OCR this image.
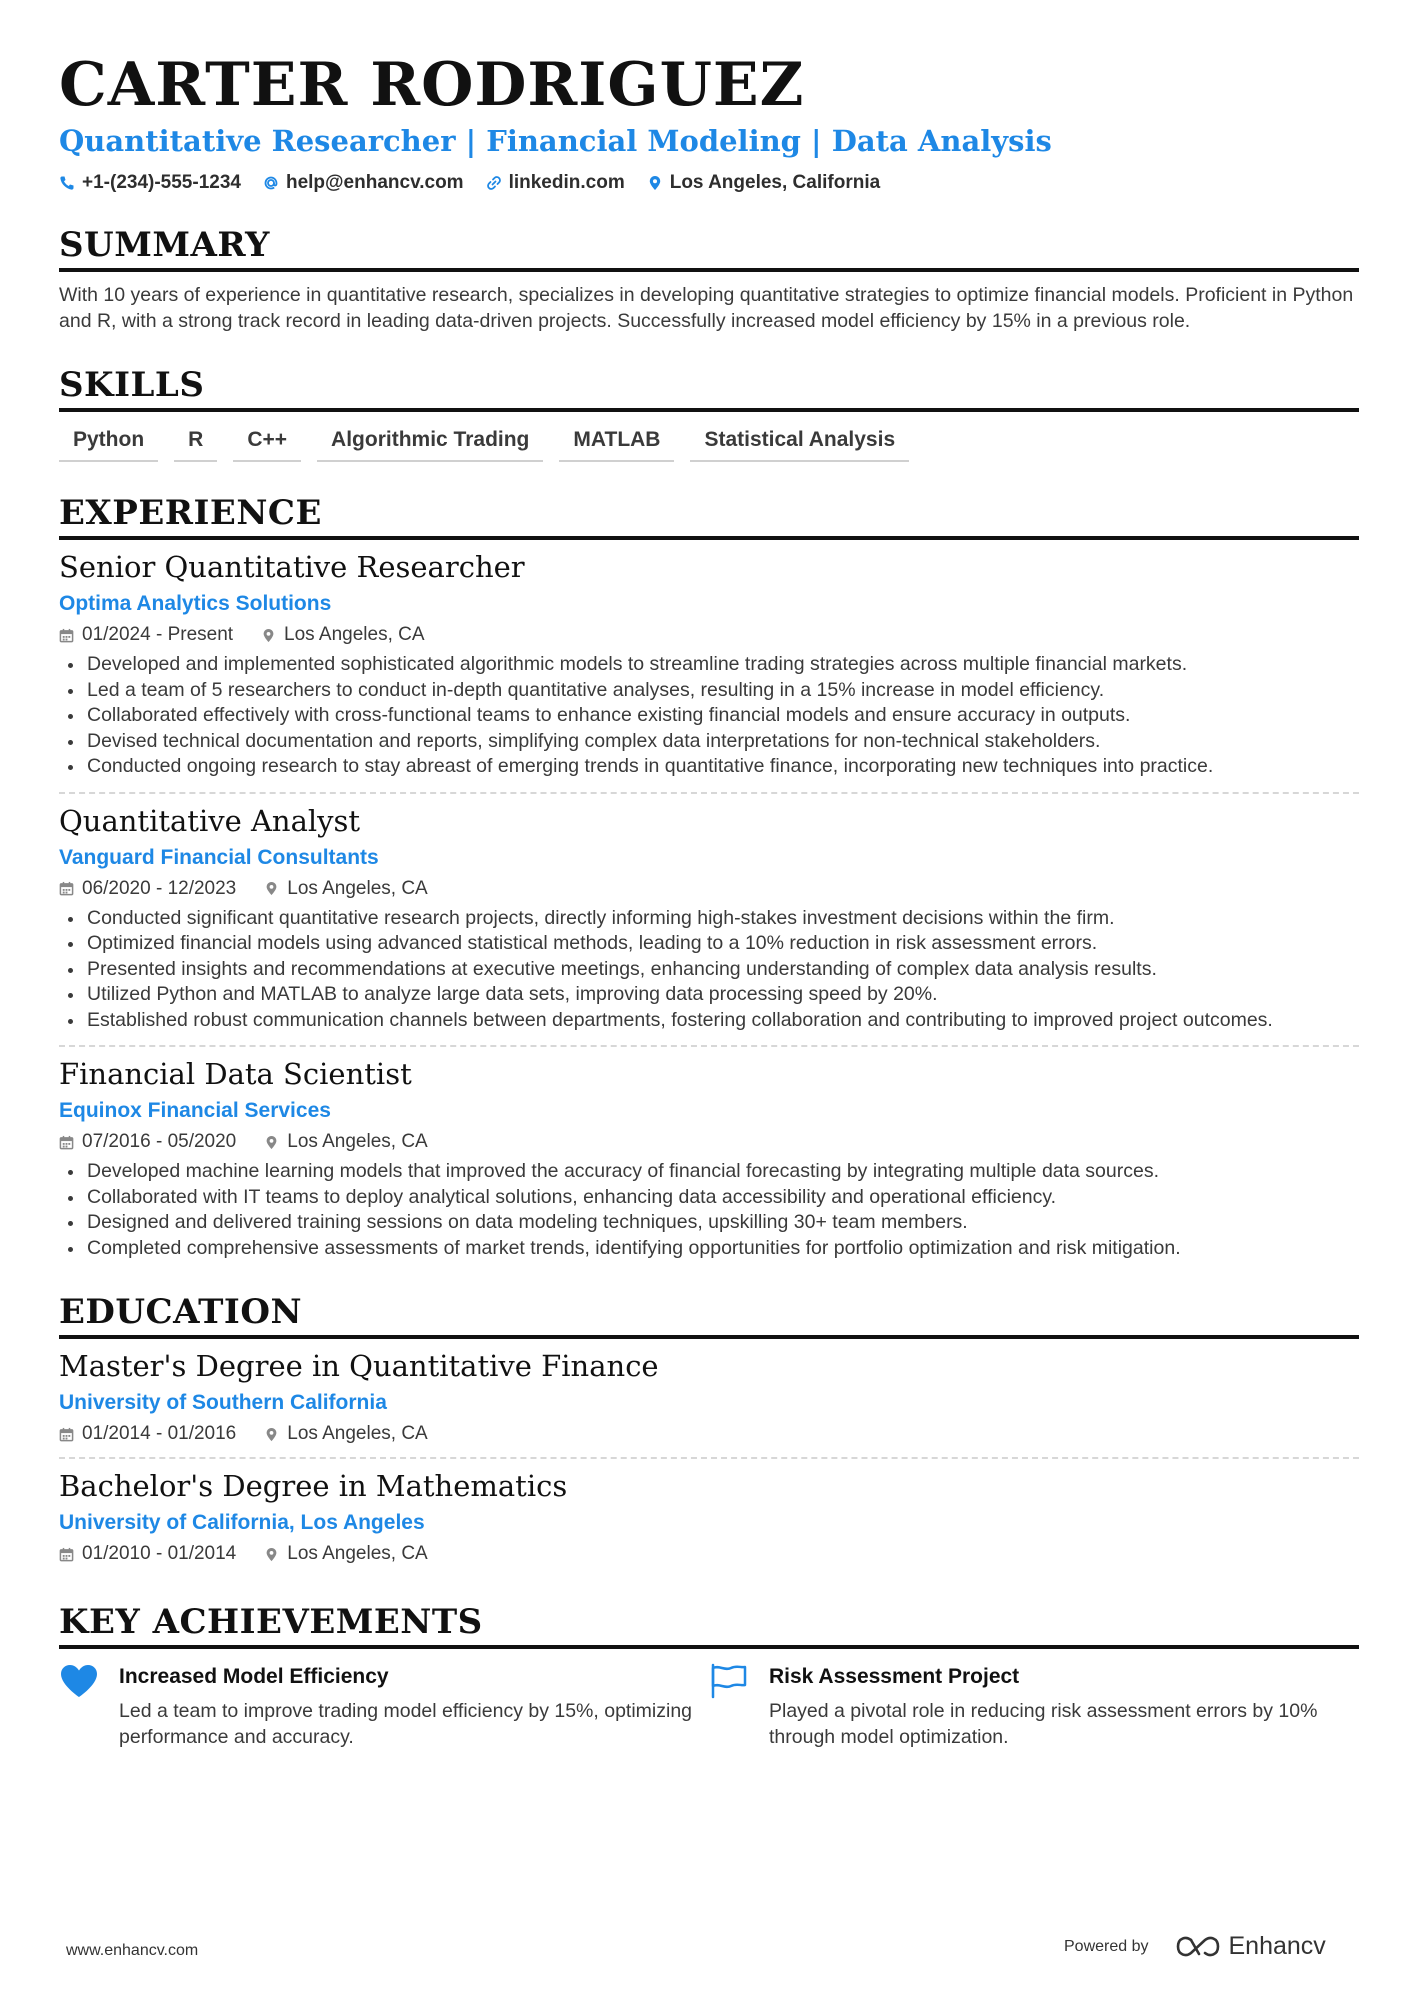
CARTER RODRIGUEZ
Quantitative Researcher | Financial Modeling | Data Analysis
+1-(234)-555-1234 help@enhancv.com linkedin.com Los Angeles, California
SUMMARY
With 10 years of experience in quantitative research, specializes in developing quantitative strategies to optimize financial models. Proficient in Python and R, with a strong track record in leading data-driven projects. Successfully increased model efficiency by 15% in a previous role.
SKILLS
Python	R	C++	Algorithmic Trading	MATLAB	Statistical Analysis
EXPERIENCE
Senior Quantitative Researcher
Optima Analytics Solutions
01/2024 - Present	Los Angeles, CA
Developed and implemented sophisticated algorithmic models to streamline trading strategies across multiple financial markets.
Led a team of 5 researchers to conduct in-depth quantitative analyses, resulting in a 15% increase in model efficiency.
Collaborated effectively with cross-functional teams to enhance existing financial models and ensure accuracy in outputs.
Devised technical documentation and reports, simplifying complex data interpretations for non-technical stakeholders.
Conducted ongoing research to stay abreast of emerging trends in quantitative finance, incorporating new techniques into practice.
Quantitative Analyst
Vanguard Financial Consultants
06/2020 - 12/2023	Los Angeles, CA
Conducted significant quantitative research projects, directly informing high-stakes investment decisions within the firm.
Optimized financial models using advanced statistical methods, leading to a 10% reduction in risk assessment errors.
Presented insights and recommendations at executive meetings, enhancing understanding of complex data analysis results.
Utilized Python and MATLAB to analyze large data sets, improving data processing speed by 20%.
Established robust communication channels between departments, fostering collaboration and contributing to improved project outcomes.
Financial Data Scientist
Equinox Financial Services
07/2016 - 05/2020	Los Angeles, CA
Developed machine learning models that improved the accuracy of financial forecasting by integrating multiple data sources.
Collaborated with IT teams to deploy analytical solutions, enhancing data accessibility and operational efficiency.
Designed and delivered training sessions on data modeling techniques, upskilling 30+ team members.
Completed comprehensive assessments of market trends, identifying opportunities for portfolio optimization and risk mitigation.
EDUCATION
Master's Degree in Quantitative Finance
University of Southern California
01/2014 - 01/2016	Los Angeles, CA
Bachelor's Degree in Mathematics
University of California, Los Angeles
01/2010 - 01/2014	Los Angeles, CA
KEY ACHIEVEMENTS
Increased Model Efficiency
Led a team to improve trading model efficiency by 15%, optimizing performance and accuracy.
Risk Assessment Project
Played a pivotal role in reducing risk assessment errors by 10% through model optimization.
www.enhancv.com	Powered by	Enhancv
